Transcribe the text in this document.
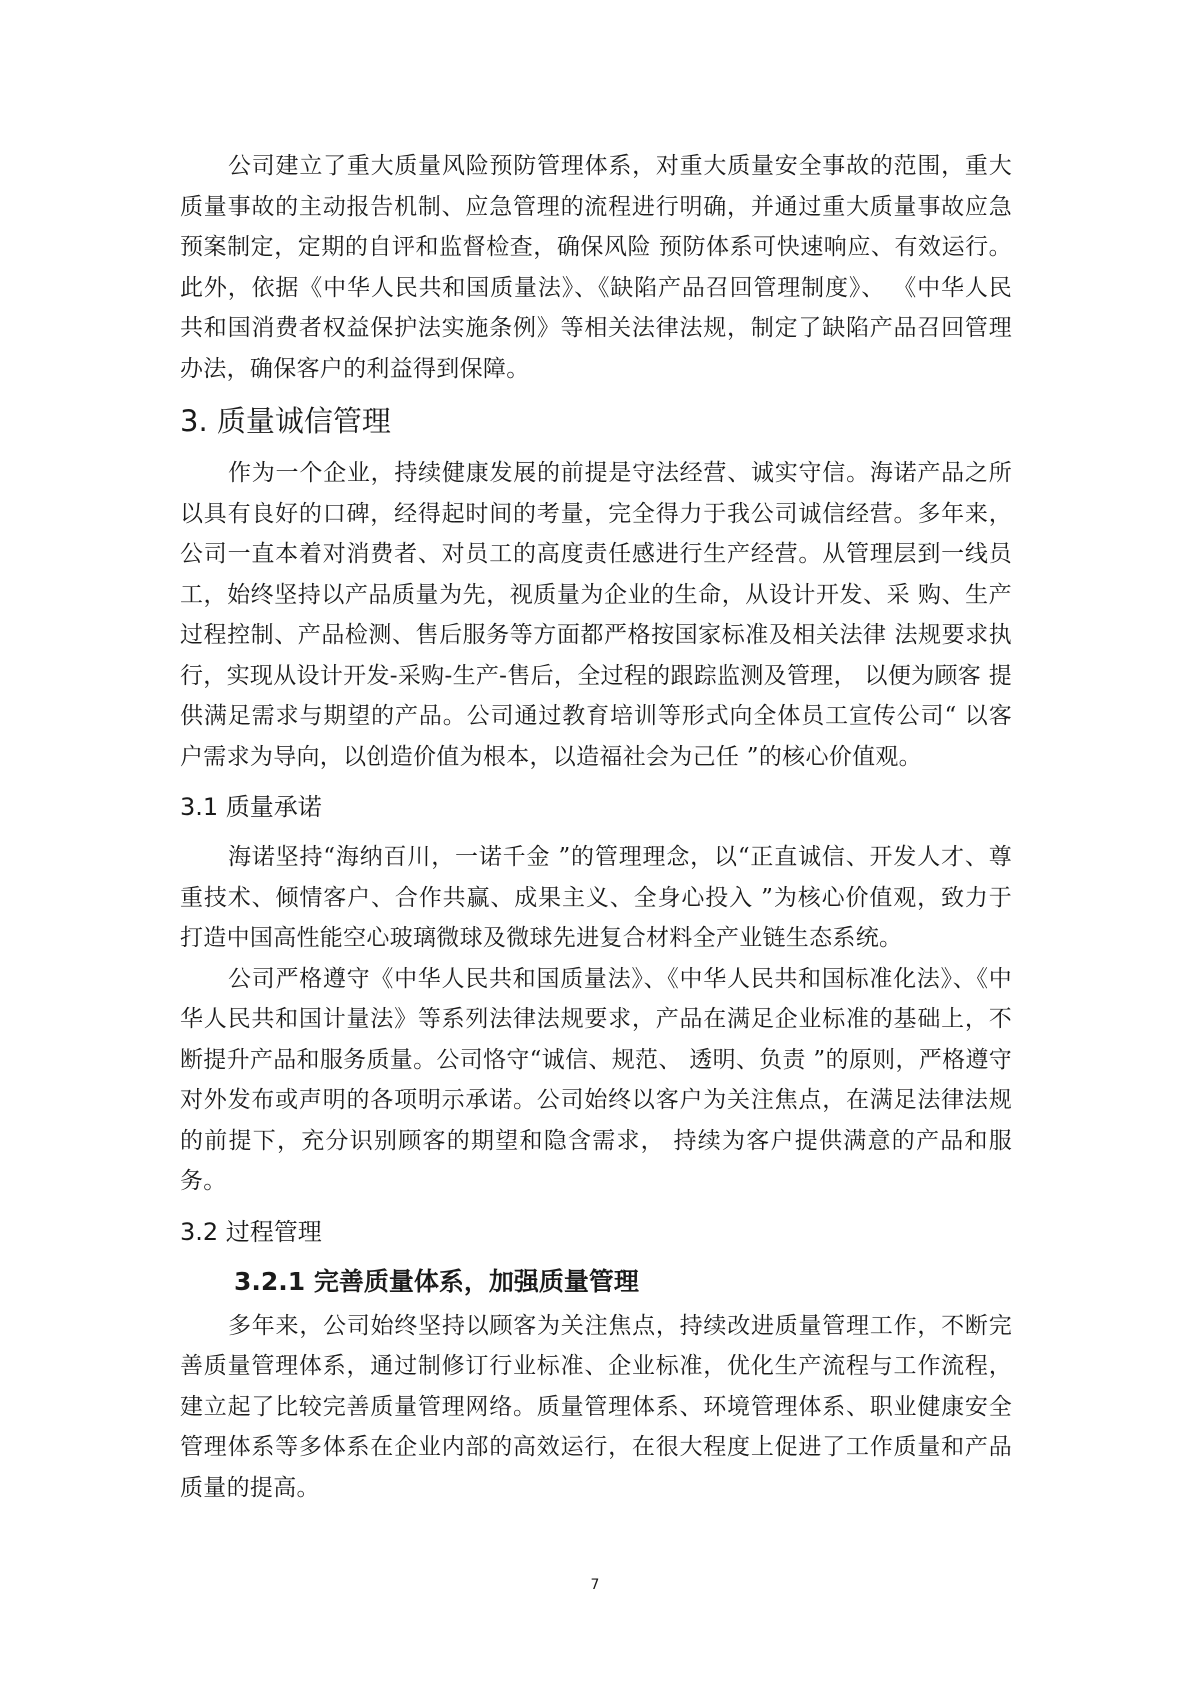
公司建立了重大质量风险预防管理体系，对重大质量安全事故的范围，重大质量事故的主动报告机制、应急管理的流程进行明确，并通过重大质量事故应急预案制定，定期的自评和监督检查，确保风险 预防体系可快速响应、有效运行。此外，依据《中华人民共和国质量法》、《缺陷产品召回管理制度》、 《中华人民共和国消费者权益保护法实施条例》等相关法律法规，制定了缺陷产品召回管理办法，确保客户的利益得到保障。

3. 质量诚信管理

作为一个企业，持续健康发展的前提是守法经营、诚实守信。海诺产品之所以具有良好的口碑，经得起时间的考量，完全得力于我公司诚信经营。多年来，公司一直本着对消费者、对员工的高度责任感进行生产经营。从管理层到一线员工，始终坚持以产品质量为先，视质量为企业的生命，从设计开发、采 购、生产过程控制、产品检测、售后服务等方面都严格按国家标准及相关法律 法规要求执行，实现从设计开发-采购-生产-售后，全过程的跟踪监测及管理， 以便为顾客 提供满足需求与期望的产品。公司通过教育培训等形式向全体员工宣传公司“ 以客户需求为导向，以创造价值为根本，以造福社会为己任 ”的核心价值观。

3.1 质量承诺

海诺坚持“海纳百川，一诺千金 ”的管理理念，以“正直诚信、开发人才、尊重技术、倾情客户、合作共赢、成果主义、全身心投入 ”为核心价值观，致力于打造中国高性能空心玻璃微球及微球先进复合材料全产业链生态系统。

公司严格遵守《中华人民共和国质量法》、《中华人民共和国标准化法》、《中华人民共和国计量法》等系列法律法规要求，产品在满足企业标准的基础上，不断提升产品和服务质量。公司恪守“诚信、规范、 透明、负责 ”的原则，严格遵守对外发布或声明的各项明示承诺。公司始终以客户为关注焦点，在满足法律法规的前提下，充分识别顾客的期望和隐含需求， 持续为客户提供满意的产品和服务。

3.2 过程管理
3.2.1 完善质量体系，加强质量管理

多年来，公司始终坚持以顾客为关注焦点，持续改进质量管理工作，不断完善质量管理体系，通过制修订行业标准、企业标准，优化生产流程与工作流程，建立起了比较完善质量管理网络。质量管理体系、环境管理体系、职业健康安全管理体系等多体系在企业内部的高效运行，在很大程度上促进了工作质量和产品质量的提高。

7
